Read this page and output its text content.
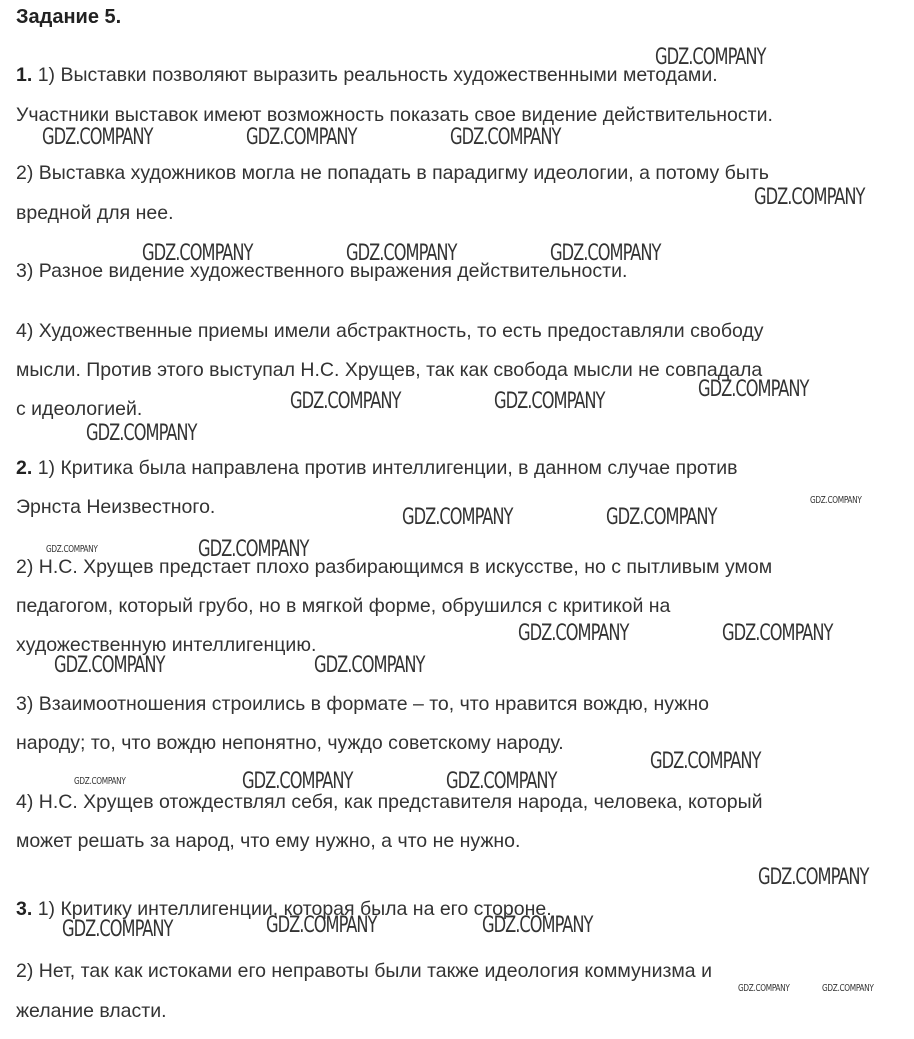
Задание 5.
1. 1) Выставки позволяют выразить реальность художественными методами.
Участники выставок имеют возможность показать свое видение действительности.
2) Выставка художников могла не попадать в парадигму идеологии, а потому быть
вредной для нее.
3) Разное видение художественного выражения действительности.
4) Художественные приемы имели абстрактность, то есть предоставляли свободу
мысли. Против этого выступал Н.С. Хрущев, так как свобода мысли не совпадала
с идеологией.
2. 1) Критика была направлена против интеллигенции, в данном случае против
Эрнста Неизвестного.
2) Н.С. Хрущев предстает плохо разбирающимся в искусстве, но с пытливым умом
педагогом, который грубо, но в мягкой форме, обрушился с критикой на
художественную интеллигенцию.
3) Взаимоотношения строились в формате – то, что нравится вождю, нужно
народу; то, что вождю непонятно, чуждо советскому народу.
4) Н.С. Хрущев отождествлял себя, как представителя народа, человека, который
может решать за народ, что ему нужно, а что не нужно.
3. 1) Критику интеллигенции, которая была на его стороне.
2) Нет, так как истоками его неправоты были также идеология коммунизма и
желание власти.
GDZ.COMPANY
GDZ.COMPANY	GDZ.COMPANY	GDZ.COMPANY
GDZ.COMPANY
GDZ.COMPANY	GDZ.COMPANY	GDZ.COMPANY
GDZ.COMPANY
GDZ.COMPANY	GDZ.COMPANY
GDZ.COMPANY
GDZ.COMPANY
GDZ.COMPANY	GDZ.COMPANY
GDZ.COMPANY	GDZ.COMPANY
GDZ.COMPANY	GDZ.COMPANY
GDZ.COMPANY	GDZ.COMPANY
GDZ.COMPANY
GDZ.COMPANY	GDZ.COMPANY	GDZ.COMPANY
GDZ.COMPANY
GDZ.COMPANY	GDZ.COMPANY	GDZ.COMPANY
GDZ.COMPANY	GDZ.COMPANY
